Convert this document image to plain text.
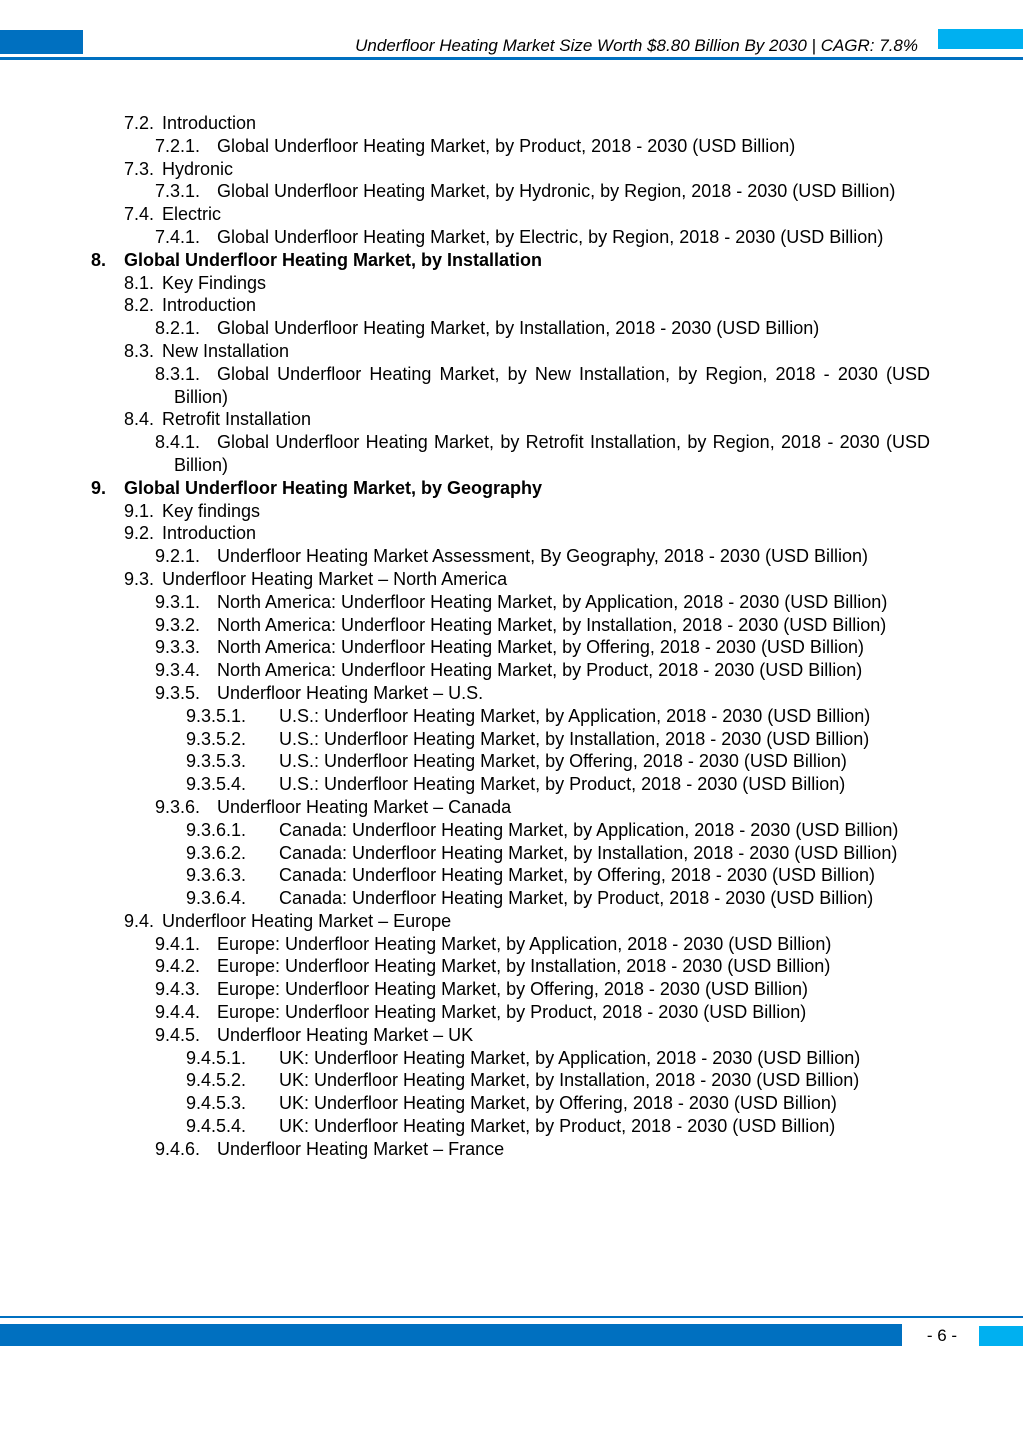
Underfloor Heating Market Size Worth $8.80 Billion By 2030 | CAGR: 7.8%
7.2. Introduction
7.2.1. Global Underfloor Heating Market, by Product, 2018 - 2030 (USD Billion)
7.3. Hydronic
7.3.1. Global Underfloor Heating Market, by Hydronic, by Region, 2018 - 2030 (USD Billion)
7.4. Electric
7.4.1. Global Underfloor Heating Market, by Electric, by Region, 2018 - 2030 (USD Billion)
8. Global Underfloor Heating Market, by Installation
8.1. Key Findings
8.2. Introduction
8.2.1. Global Underfloor Heating Market, by Installation, 2018 - 2030 (USD Billion)
8.3. New Installation
8.3.1. Global Underfloor Heating Market, by New Installation, by Region, 2018 - 2030 (USD Billion)
8.4. Retrofit Installation
8.4.1. Global Underfloor Heating Market, by Retrofit Installation, by Region, 2018 - 2030 (USD Billion)
9. Global Underfloor Heating Market, by Geography
9.1. Key findings
9.2. Introduction
9.2.1. Underfloor Heating Market Assessment, By Geography, 2018 - 2030 (USD Billion)
9.3. Underfloor Heating Market – North America
9.3.1. North America: Underfloor Heating Market, by Application, 2018 - 2030 (USD Billion)
9.3.2. North America: Underfloor Heating Market, by Installation, 2018 - 2030 (USD Billion)
9.3.3. North America: Underfloor Heating Market, by Offering, 2018 - 2030 (USD Billion)
9.3.4. North America: Underfloor Heating Market, by Product, 2018 - 2030 (USD Billion)
9.3.5. Underfloor Heating Market – U.S.
9.3.5.1.	U.S.: Underfloor Heating Market, by Application, 2018 - 2030 (USD Billion)
9.3.5.2.	U.S.: Underfloor Heating Market, by Installation, 2018 - 2030 (USD Billion)
9.3.5.3.	U.S.: Underfloor Heating Market, by Offering, 2018 - 2030 (USD Billion)
9.3.5.4.	U.S.: Underfloor Heating Market, by Product, 2018 - 2030 (USD Billion)
9.3.6. Underfloor Heating Market – Canada
9.3.6.1.	Canada: Underfloor Heating Market, by Application, 2018 - 2030 (USD Billion)
9.3.6.2.	Canada: Underfloor Heating Market, by Installation, 2018 - 2030 (USD Billion)
9.3.6.3.	Canada: Underfloor Heating Market, by Offering, 2018 - 2030 (USD Billion)
9.3.6.4.	Canada: Underfloor Heating Market, by Product, 2018 - 2030 (USD Billion)
9.4. Underfloor Heating Market – Europe
9.4.1. Europe: Underfloor Heating Market, by Application, 2018 - 2030 (USD Billion)
9.4.2. Europe: Underfloor Heating Market, by Installation, 2018 - 2030 (USD Billion)
9.4.3. Europe: Underfloor Heating Market, by Offering, 2018 - 2030 (USD Billion)
9.4.4. Europe: Underfloor Heating Market, by Product, 2018 - 2030 (USD Billion)
9.4.5. Underfloor Heating Market – UK
9.4.5.1.	UK: Underfloor Heating Market, by Application, 2018 - 2030 (USD Billion)
9.4.5.2.	UK: Underfloor Heating Market, by Installation, 2018 - 2030 (USD Billion)
9.4.5.3.	UK: Underfloor Heating Market, by Offering, 2018 - 2030 (USD Billion)
9.4.5.4.	UK: Underfloor Heating Market, by Product, 2018 - 2030 (USD Billion)
9.4.6. Underfloor Heating Market – France
- 6 -
